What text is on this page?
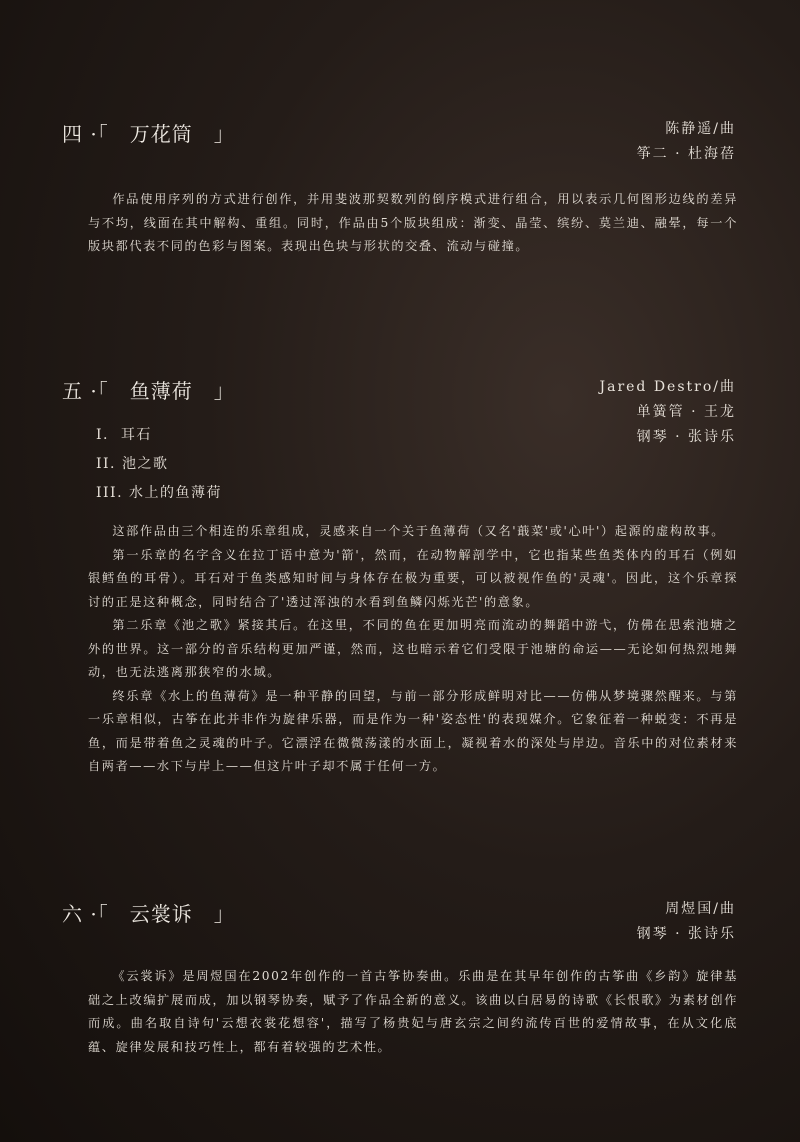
四 ·「　万花筒　」	陈静遥/曲
筝二 · 杜海蓓

作品使用序列的方式进行创作，并用斐波那契数列的倒序模式进行组合，用以表示几何图形边线的差异与不均，线面在其中解构、重组。同时，作品由5个版块组成：渐变、晶莹、缤纷、莫兰迪、融晕，每一个版块都代表不同的色彩与图案。表现出色块与形状的交叠、流动与碰撞。

五 ·「　鱼薄荷　」	Jared Destro/曲
单簧管 · 王龙
钢琴 · 张诗乐
I.  耳石
II. 池之歌
III. 水上的鱼薄荷

这部作品由三个相连的乐章组成，灵感来自一个关于鱼薄荷（又名'蕺菜'或'心叶'）起源的虚构故事。

第一乐章的名字含义在拉丁语中意为'箭'，然而，在动物解剖学中，它也指某些鱼类体内的耳石（例如银鳕鱼的耳骨）。耳石对于鱼类感知时间与身体存在极为重要，可以被视作鱼的'灵魂'。因此，这个乐章探讨的正是这种概念，同时结合了'透过浑浊的水看到鱼鳞闪烁光芒'的意象。

第二乐章《池之歌》紧接其后。在这里，不同的鱼在更加明亮而流动的舞蹈中游弋，仿佛在思索池塘之外的世界。这一部分的音乐结构更加严谨，然而，这也暗示着它们受限于池塘的命运——无论如何热烈地舞动，也无法逃离那狭窄的水域。

终乐章《水上的鱼薄荷》是一种平静的回望，与前一部分形成鲜明对比——仿佛从梦境骤然醒来。与第一乐章相似，古筝在此并非作为旋律乐器，而是作为一种'姿态性'的表现媒介。它象征着一种蜕变：不再是鱼，而是带着鱼之灵魂的叶子。它漂浮在微微荡漾的水面上，凝视着水的深处与岸边。音乐中的对位素材来自两者——水下与岸上——但这片叶子却不属于任何一方。

六 ·「　云裳诉　」	周煜国/曲
钢琴 · 张诗乐

《云裳诉》是周煜国在2002年创作的一首古筝协奏曲。乐曲是在其早年创作的古筝曲《乡韵》旋律基础之上改编扩展而成，加以钢琴协奏，赋予了作品全新的意义。该曲以白居易的诗歌《长恨歌》为素材创作而成。曲名取自诗句'云想衣裳花想容'，描写了杨贵妃与唐玄宗之间约流传百世的爱情故事，在从文化底蕴、旋律发展和技巧性上，都有着较强的艺术性。
